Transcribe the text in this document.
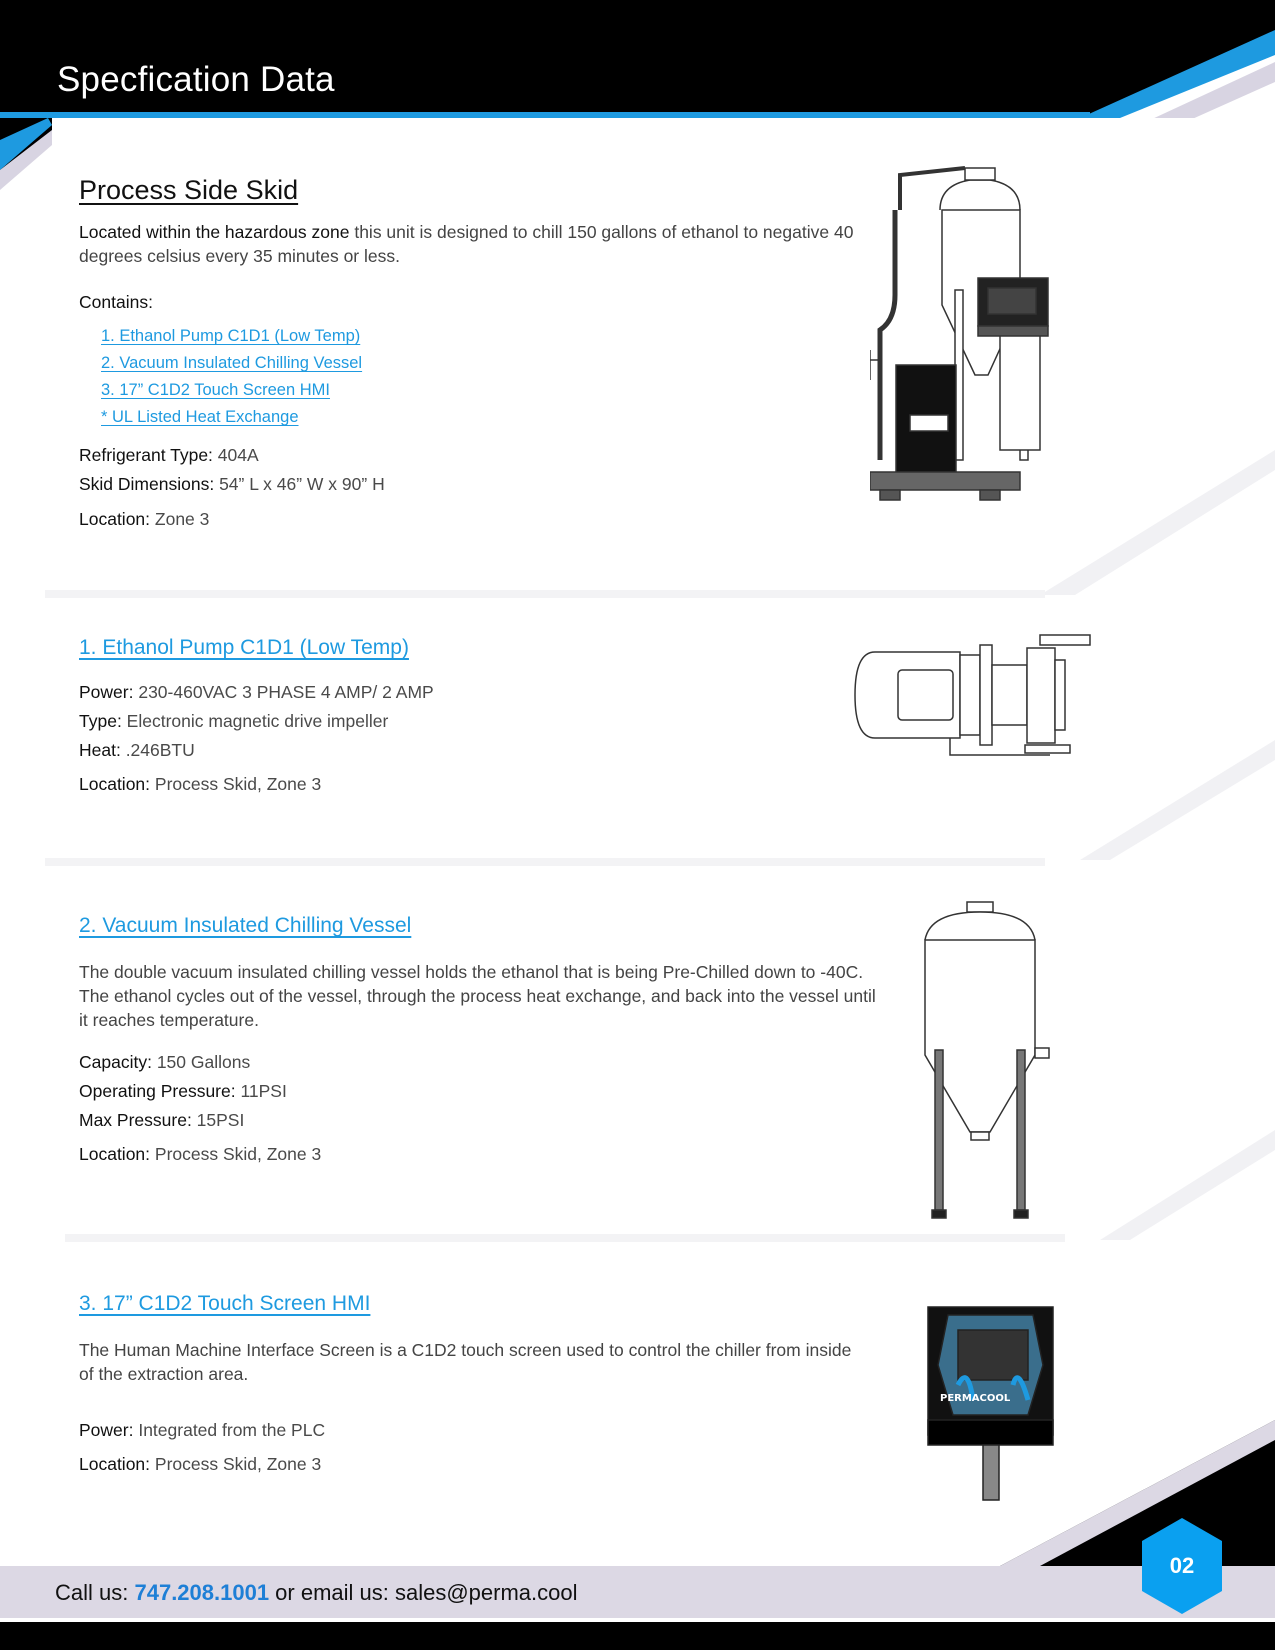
Specfication Data
Process Side Skid

Located within the hazardous zone this unit is designed to chill 150 gallons of ethanol to negative 40 degrees celsius every 35 minutes or less.

Contains:

1. Ethanol Pump C1D1 (Low Temp)
2. Vacuum Insulated Chilling Vessel
3. 17” C1D2 Touch Screen HMI
* UL Listed Heat Exchange
Refrigerant Type: 404A
Skid Dimensions: 54” L x 46” W x 90” H
Location: Zone 3
1. Ethanol Pump C1D1 (Low Temp)
Power: 230-460VAC 3 PHASE 4 AMP/ 2 AMP
Type: Electronic magnetic drive impeller
Heat: .246BTU
Location: Process Skid, Zone 3
2. Vacuum Insulated Chilling Vessel

The double vacuum insulated chilling vessel holds the ethanol that is being Pre-Chilled down to -40C. The ethanol cycles out of the vessel, through the process heat exchange, and back into the vessel until it reaches temperature.

Capacity: 150 Gallons
Operating Pressure: 11PSI
Max Pressure: 15PSI
Location: Process Skid, Zone 3
3. 17” C1D2 Touch Screen HMI

The Human Machine Interface Screen is a C1D2 touch screen used to control the chiller from inside of the extraction area.

Power: Integrated from the PLC
Location: Process Skid, Zone 3
PERMACOOL
Call us: 747.208.1001 or email us: sales@perma.cool
02
